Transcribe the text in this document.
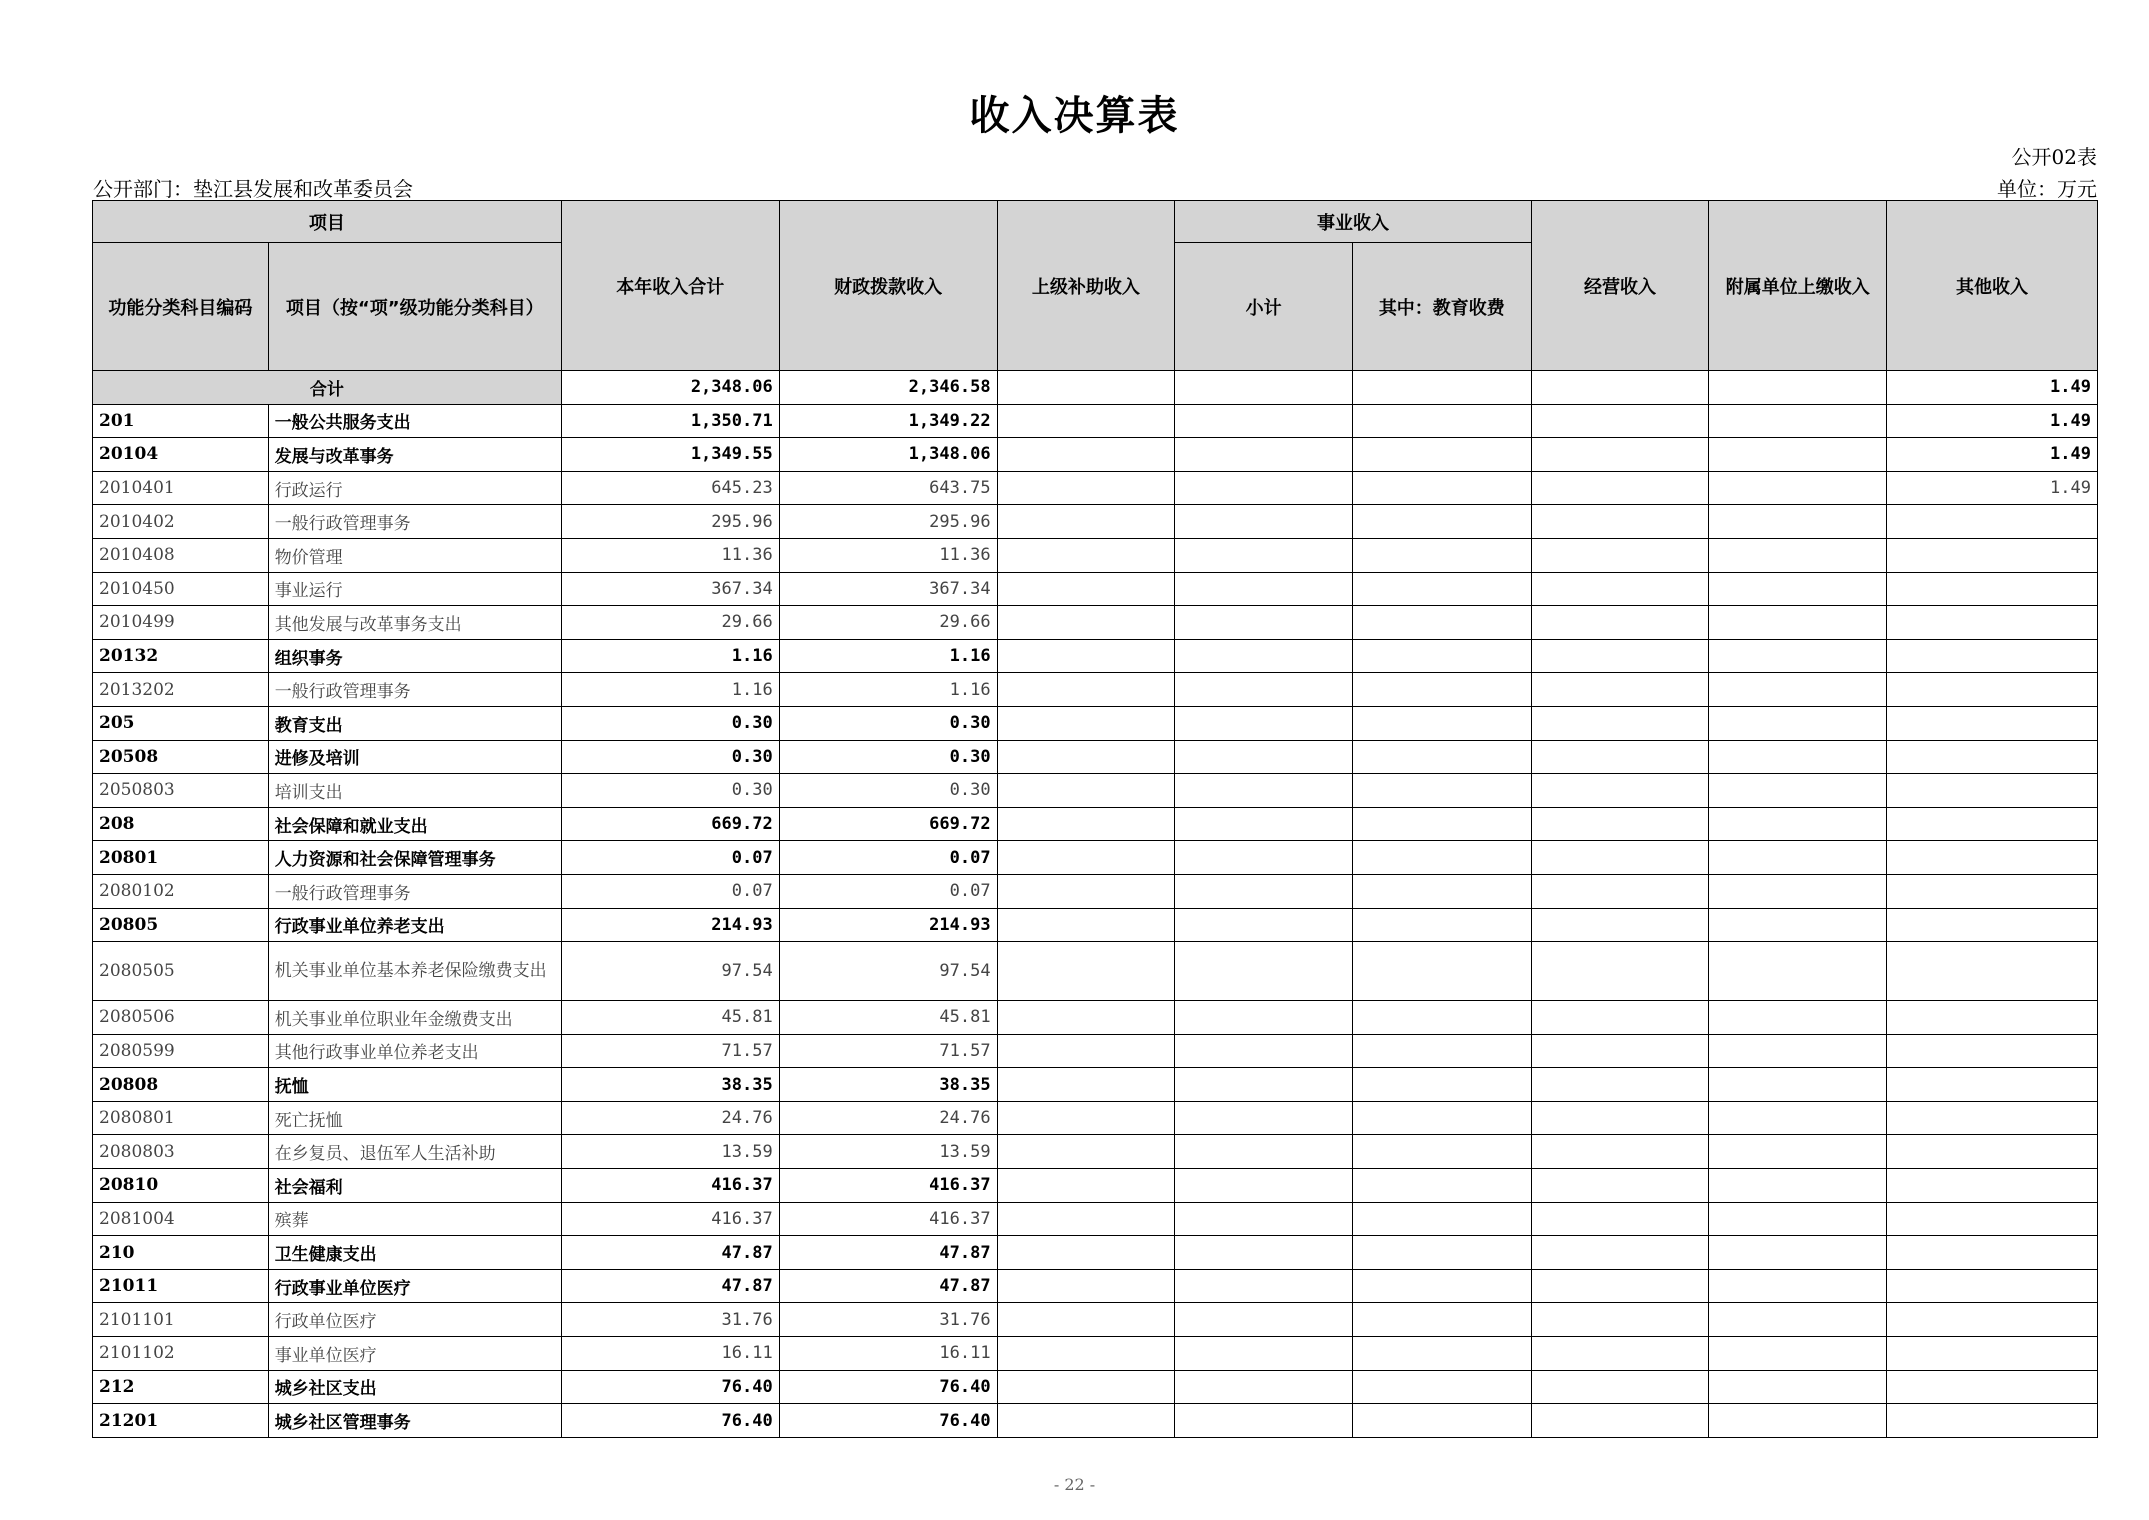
收入决算表
公开02表
公开部门：垫江县发展和改革委员会	单位：万元
项目		本年收入合计	财政拨款收入	上级补助收入	事业收入		经营收入	附属单位上缴收入	其他收入
功能分类科目编码	项目（按“项”级功能分类科目）				小计	其中：教育收费			
合计		2,348.06	2,346.58						1.49
201	一般公共服务支出	1,350.71	1,349.22						1.49
20104	发展与改革事务	1,349.55	1,348.06						1.49
2010401	行政运行	645.23	643.75						1.49
2010402	一般行政管理事务	295.96	295.96						
2010408	物价管理	11.36	11.36						
2010450	事业运行	367.34	367.34						
2010499	其他发展与改革事务支出	29.66	29.66						
20132	组织事务	1.16	1.16						
2013202	一般行政管理事务	1.16	1.16						
205	教育支出	0.30	0.30						
20508	进修及培训	0.30	0.30						
2050803	培训支出	0.30	0.30						
208	社会保障和就业支出	669.72	669.72						
20801	人力资源和社会保障管理事务	0.07	0.07						
2080102	一般行政管理事务	0.07	0.07						
20805	行政事业单位养老支出	214.93	214.93						
2080505	机关事业单位基本养老保险缴费支出	97.54	97.54						
2080506	机关事业单位职业年金缴费支出	45.81	45.81						
2080599	其他行政事业单位养老支出	71.57	71.57						
20808	抚恤	38.35	38.35						
2080801	死亡抚恤	24.76	24.76						
2080803	在乡复员、退伍军人生活补助	13.59	13.59						
20810	社会福利	416.37	416.37						
2081004	殡葬	416.37	416.37						
210	卫生健康支出	47.87	47.87						
21011	行政事业单位医疗	47.87	47.87						
2101101	行政单位医疗	31.76	31.76						
2101102	事业单位医疗	16.11	16.11						
212	城乡社区支出	76.40	76.40						
21201	城乡社区管理事务	76.40	76.40						
- 22 -
